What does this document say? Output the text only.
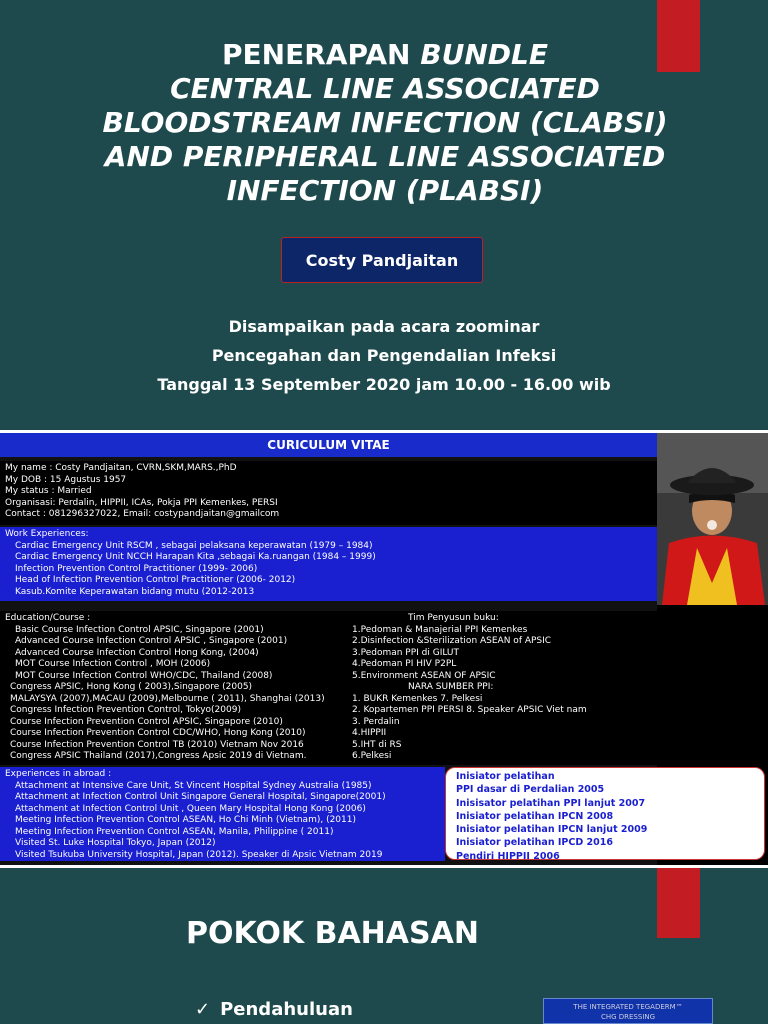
PENERAPAN BUNDLE
CENTRAL LINE ASSOCIATED
BLOODSTREAM INFECTION (CLABSI)
AND PERIPHERAL LINE ASSOCIATED
INFECTION (PLABSI)
Costy Pandjaitan
Disampaikan pada acara zoominar
Pencegahan dan Pengendalian Infeksi
Tanggal 13 September 2020 jam 10.00 - 16.00 wib
CURICULUM VITAE
My name : Costy Pandjaitan, CVRN,SKM,MARS.,PhD
My DOB : 15 Agustus 1957
My status : Married
Organisasi: Perdalin, HIPPII, ICAs, Pokja PPI Kemenkes, PERSI
Contact : 081296327022, Email: costypandjaitan@gmailcom
Work Experiences:
Cardiac Emergency Unit RSCM , sebagai pelaksana keperawatan (1979 – 1984)
Cardiac Emergency Unit NCCH Harapan Kita ,sebagai Ka.ruangan (1984 – 1999)
Infection Prevention Control Practitioner (1999- 2006)
Head of Infection Prevention Control Practitioner (2006- 2012)
Kasub.Komite Keperawatan bidang mutu (2012-2013
Education/Course :
Basic Course Infection Control APSIC, Singapore (2001)
Advanced Course Infection Control APSIC , Singapore (2001)
Advanced Course Infection Control Hong Kong, (2004)
MOT Course Infection Control , MOH (2006)
MOT Course Infection Control WHO/CDC, Thailand (2008)
Congress APSIC, Hong Kong ( 2003),Singapore (2005)
MALAYSYA (2007),MACAU (2009),Melbourne ( 2011), Shanghai (2013)
Congress Infection Prevention Control, Tokyo(2009)
Course Infection Prevention Control APSIC, Singapore (2010)
Course Infection Prevention Control CDC/WHO, Hong Kong (2010)
Course Infection Prevention Control TB (2010) Vietnam Nov 2016
Congress APSIC Thailand (2017),Congress Apsic 2019 di Vietnam.
Tim Penyusun buku:
1.Pedoman & Manajerial PPI Kemenkes
2.Disinfection &Sterilization ASEAN of APSIC
3.Pedoman PPI di GILUT
4.Pedoman PI HIV P2PL
5.Environment ASEAN OF APSIC
NARA SUMBER PPI:
1. BUKR Kemenkes 7. Pelkesi
2. Kopartemen PPI PERSI 8. Speaker APSIC Viet nam
3. Perdalin
4.HIPPII
5.IHT di RS
6.Pelkesi
Experiences in abroad :
Attachment at Intensive Care Unit, St Vincent Hospital Sydney Australia (1985)
Attachment at Infection Control Unit Singapore General Hospital, Singapore(2001)
Attachment at Infection Control Unit , Queen Mary Hospital Hong Kong (2006)
Meeting Infection Prevention Control ASEAN, Ho Chi Minh (Vietnam), (2011)
Meeting Infection Prevention Control ASEAN, Manila, Philippine ( 2011)
Visited St. Luke Hospital Tokyo, Japan (2012)
Visited Tsukuba University Hospital, Japan (2012). Speaker di Apsic Vietnam 2019
Inisiator pelatihan
PPI dasar di Perdalian 2005
Inisisator pelatihan PPI lanjut 2007
Inisiator pelatihan IPCN 2008
Inisiator pelatihan IPCN lanjut 2009
Inisiator pelatihan IPCD 2016
Pendiri HIPPII 2006
POKOK BAHASAN
✓ Pendahuluan	THE INTEGRATED TEGADERM™
CHG DRESSING
